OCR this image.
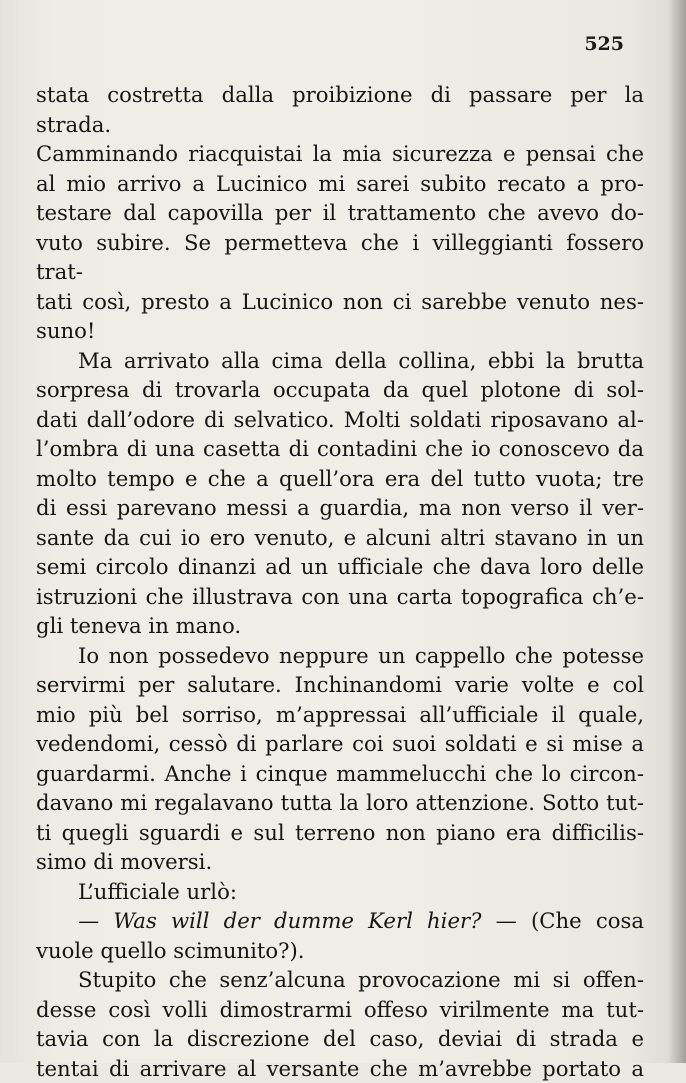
525

stata costretta dalla proibizione di passare per la strada.

Camminando riacquistai la mia sicurezza e pensai che

al mio arrivo a Lucinico mi sarei subito recato a pro-

testare dal capovilla per il trattamento che avevo do-

vuto subire. Se permetteva che i villeggianti fossero trat-

tati così, presto a Lucinico non ci sarebbe venuto nes-

suno!

Ma arrivato alla cima della collina, ebbi la brutta

sorpresa di trovarla occupata da quel plotone di sol-

dati dall’odore di selvatico. Molti soldati riposavano al-

l’ombra di una casetta di contadini che io conoscevo da

molto tempo e che a quell’ora era del tutto vuota; tre

di essi parevano messi a guardia, ma non verso il ver-

sante da cui io ero venuto, e alcuni altri stavano in un

semi circolo dinanzi ad un ufficiale che dava loro delle

istruzioni che illustrava con una carta topografica ch’e-

gli teneva in mano.

Io non possedevo neppure un cappello che potesse

servirmi per salutare. Inchinandomi varie volte e col

mio più bel sorriso, m’appressai all’ufficiale il quale,

vedendomi, cessò di parlare coi suoi soldati e si mise a

guardarmi. Anche i cinque mammelucchi che lo circon-

davano mi regalavano tutta la loro attenzione. Sotto tut-

ti quegli sguardi e sul terreno non piano era difficilis-

simo di moversi.

L’ufficiale urlò:

— Was will der dumme Kerl hier? — (Che cosa

vuole quello scimunito?).

Stupito che senz’alcuna provocazione mi si offen-

desse così volli dimostrarmi offeso virilmente ma tut-

tavia con la discrezione del caso, deviai di strada e

tentai di arrivare al versante che m’avrebbe portato a
